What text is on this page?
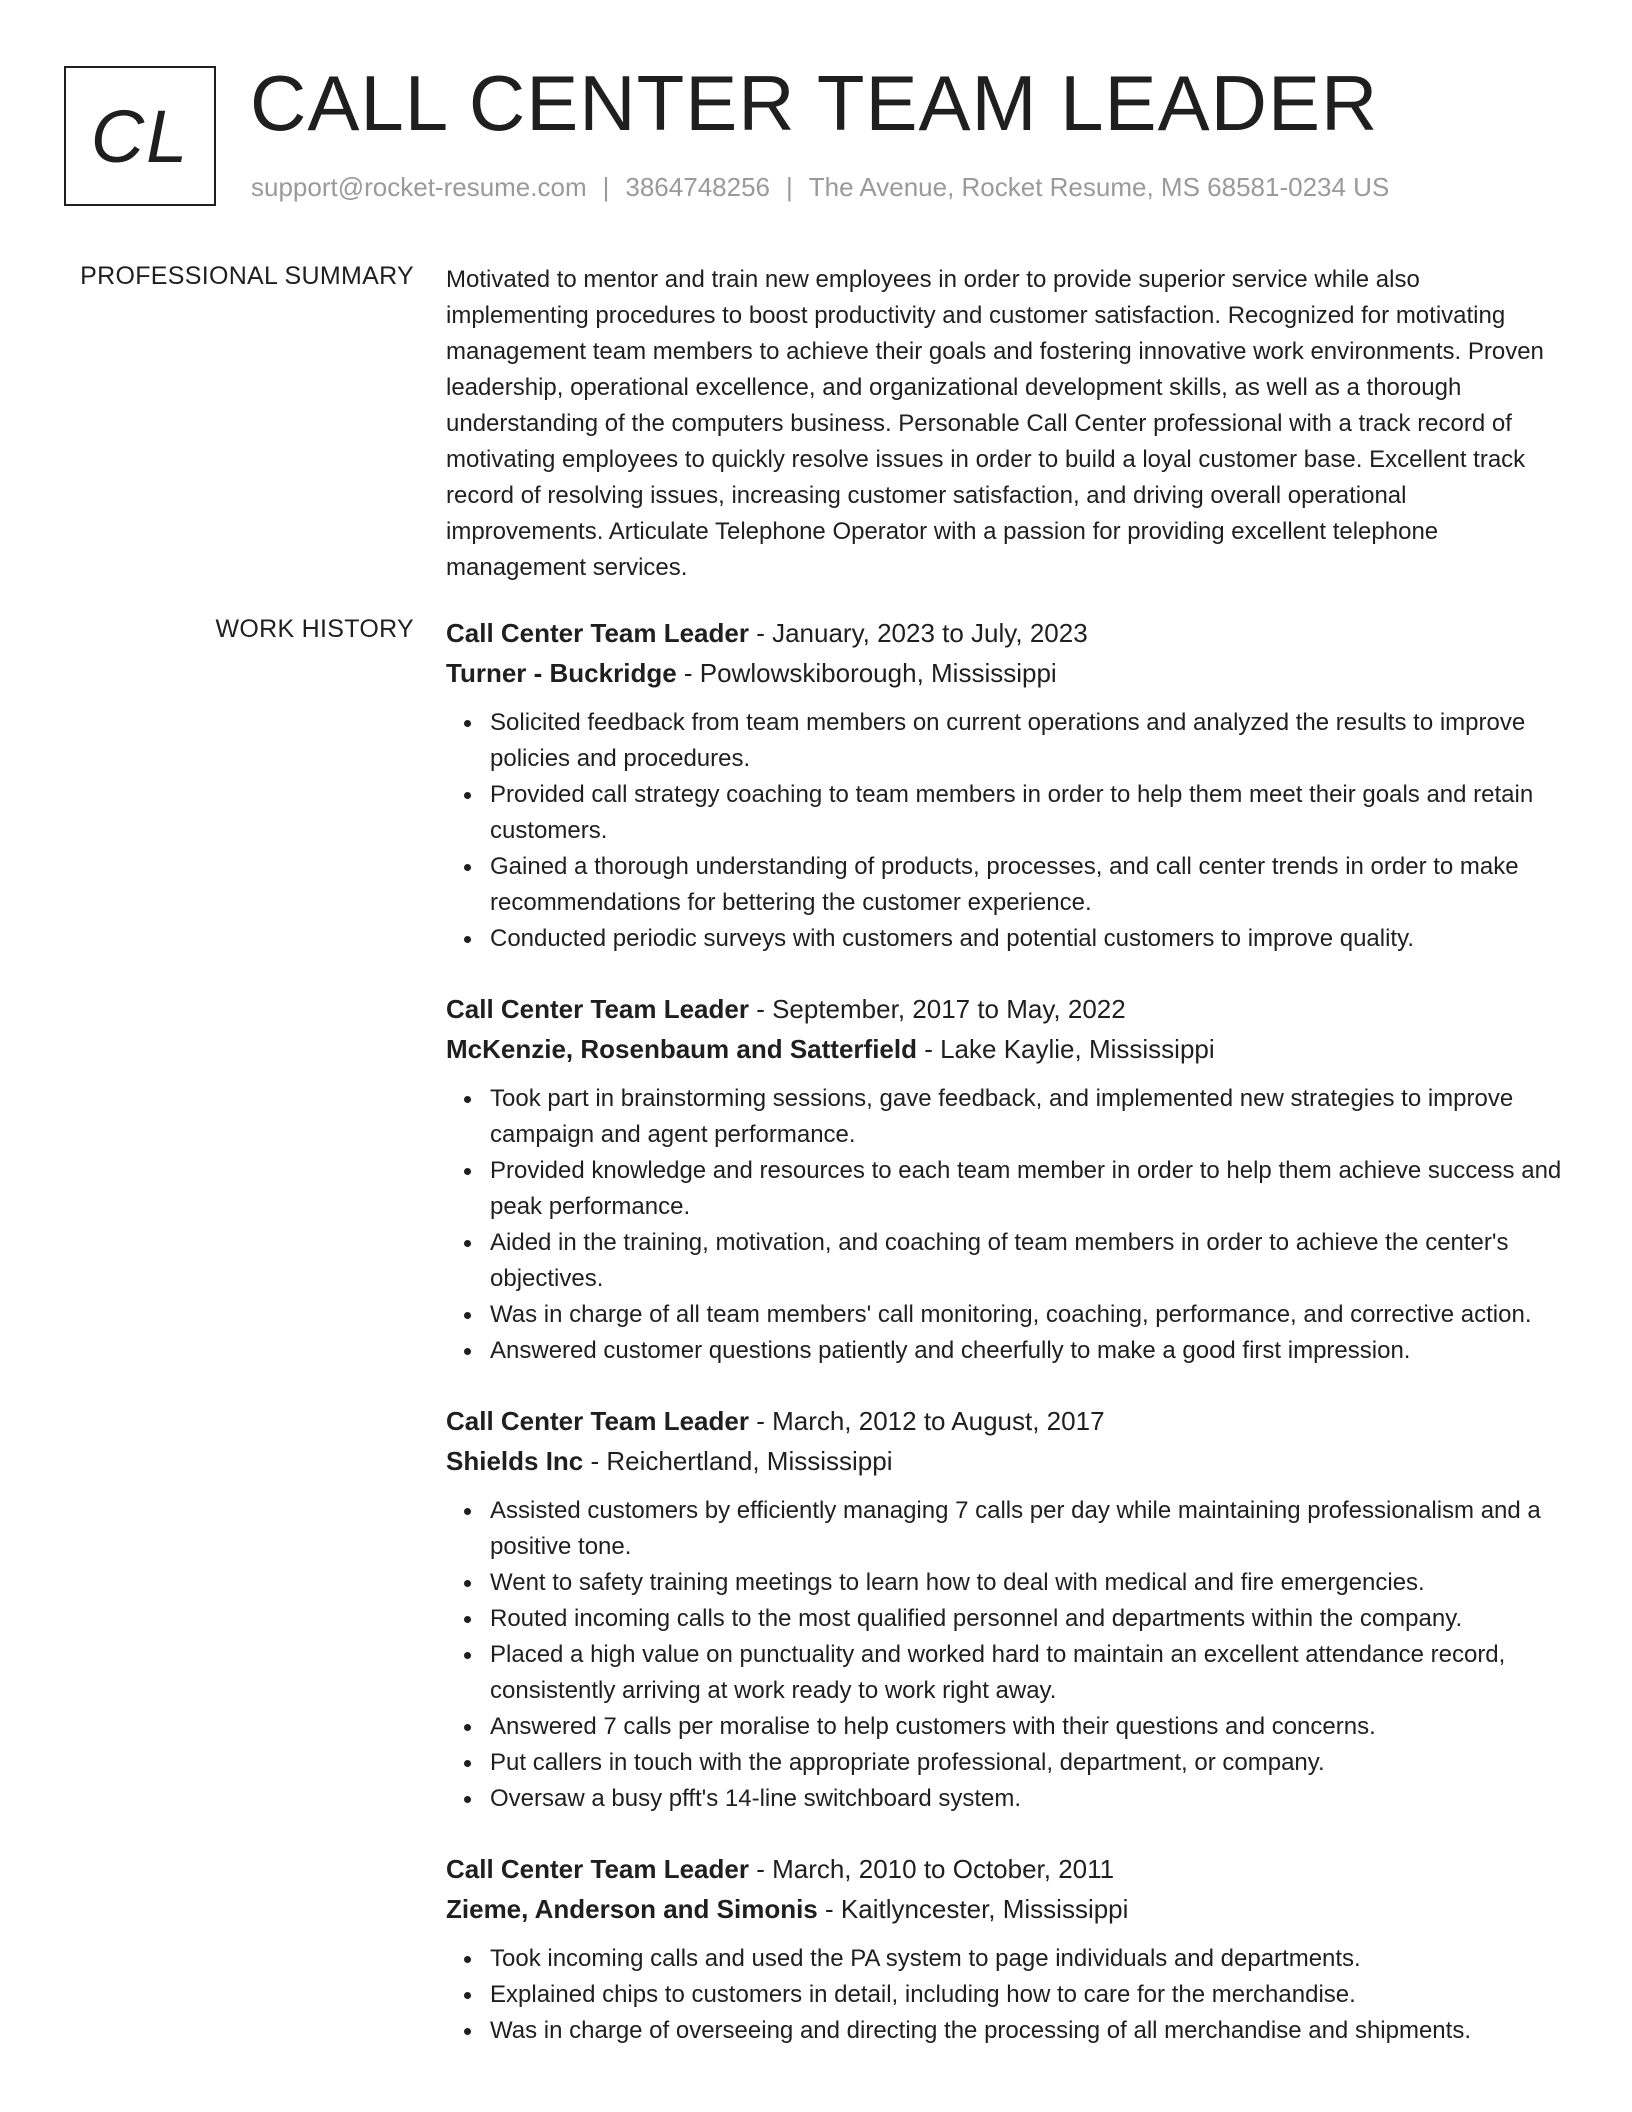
CL CALL CENTER TEAM LEADER
support@rocket-resume.com | 3864748256 | The Avenue, Rocket Resume, MS 68581-0234 US
PROFESSIONAL SUMMARY Motivated to mentor and train new employees in order to provide superior service while also implementing procedures to boost productivity and customer satisfaction. Recognized for motivating management team members to achieve their goals and fostering innovative work environments. Proven leadership, operational excellence, and organizational development skills, as well as a thorough understanding of the computers business. Personable Call Center professional with a track record of motivating employees to quickly resolve issues in order to build a loyal customer base. Excellent track record of resolving issues, increasing customer satisfaction, and driving overall operational improvements. Articulate Telephone Operator with a passion for providing excellent telephone management services.

WORK HISTORY Call Center Team Leader - January, 2023 to July, 2023
Turner - Buckridge - Powlowskiborough, Mississippi
Solicited feedback from team members on current operations and analyzed the results to improve policies and procedures.
Provided call strategy coaching to team members in order to help them meet their goals and retain customers.
Gained a thorough understanding of products, processes, and call center trends in order to make recommendations for bettering the customer experience.
Conducted periodic surveys with customers and potential customers to improve quality.
Call Center Team Leader - September, 2017 to May, 2022
McKenzie, Rosenbaum and Satterfield - Lake Kaylie, Mississippi
Took part in brainstorming sessions, gave feedback, and implemented new strategies to improve campaign and agent performance.
Provided knowledge and resources to each team member in order to help them achieve success and peak performance.
Aided in the training, motivation, and coaching of team members in order to achieve the center's objectives.
Was in charge of all team members' call monitoring, coaching, performance, and corrective action.
Answered customer questions patiently and cheerfully to make a good first impression.
Call Center Team Leader - March, 2012 to August, 2017
Shields Inc - Reichertland, Mississippi
Assisted customers by efficiently managing 7 calls per day while maintaining professionalism and a positive tone.
Went to safety training meetings to learn how to deal with medical and fire emergencies.
Routed incoming calls to the most qualified personnel and departments within the company.
Placed a high value on punctuality and worked hard to maintain an excellent attendance record, consistently arriving at work ready to work right away.
Answered 7 calls per moralise to help customers with their questions and concerns.
Put callers in touch with the appropriate professional, department, or company.
Oversaw a busy pfft's 14-line switchboard system.
Call Center Team Leader - March, 2010 to October, 2011
Zieme, Anderson and Simonis - Kaitlyncester, Mississippi
Took incoming calls and used the PA system to page individuals and departments.
Explained chips to customers in detail, including how to care for the merchandise.
Was in charge of overseeing and directing the processing of all merchandise and shipments.
